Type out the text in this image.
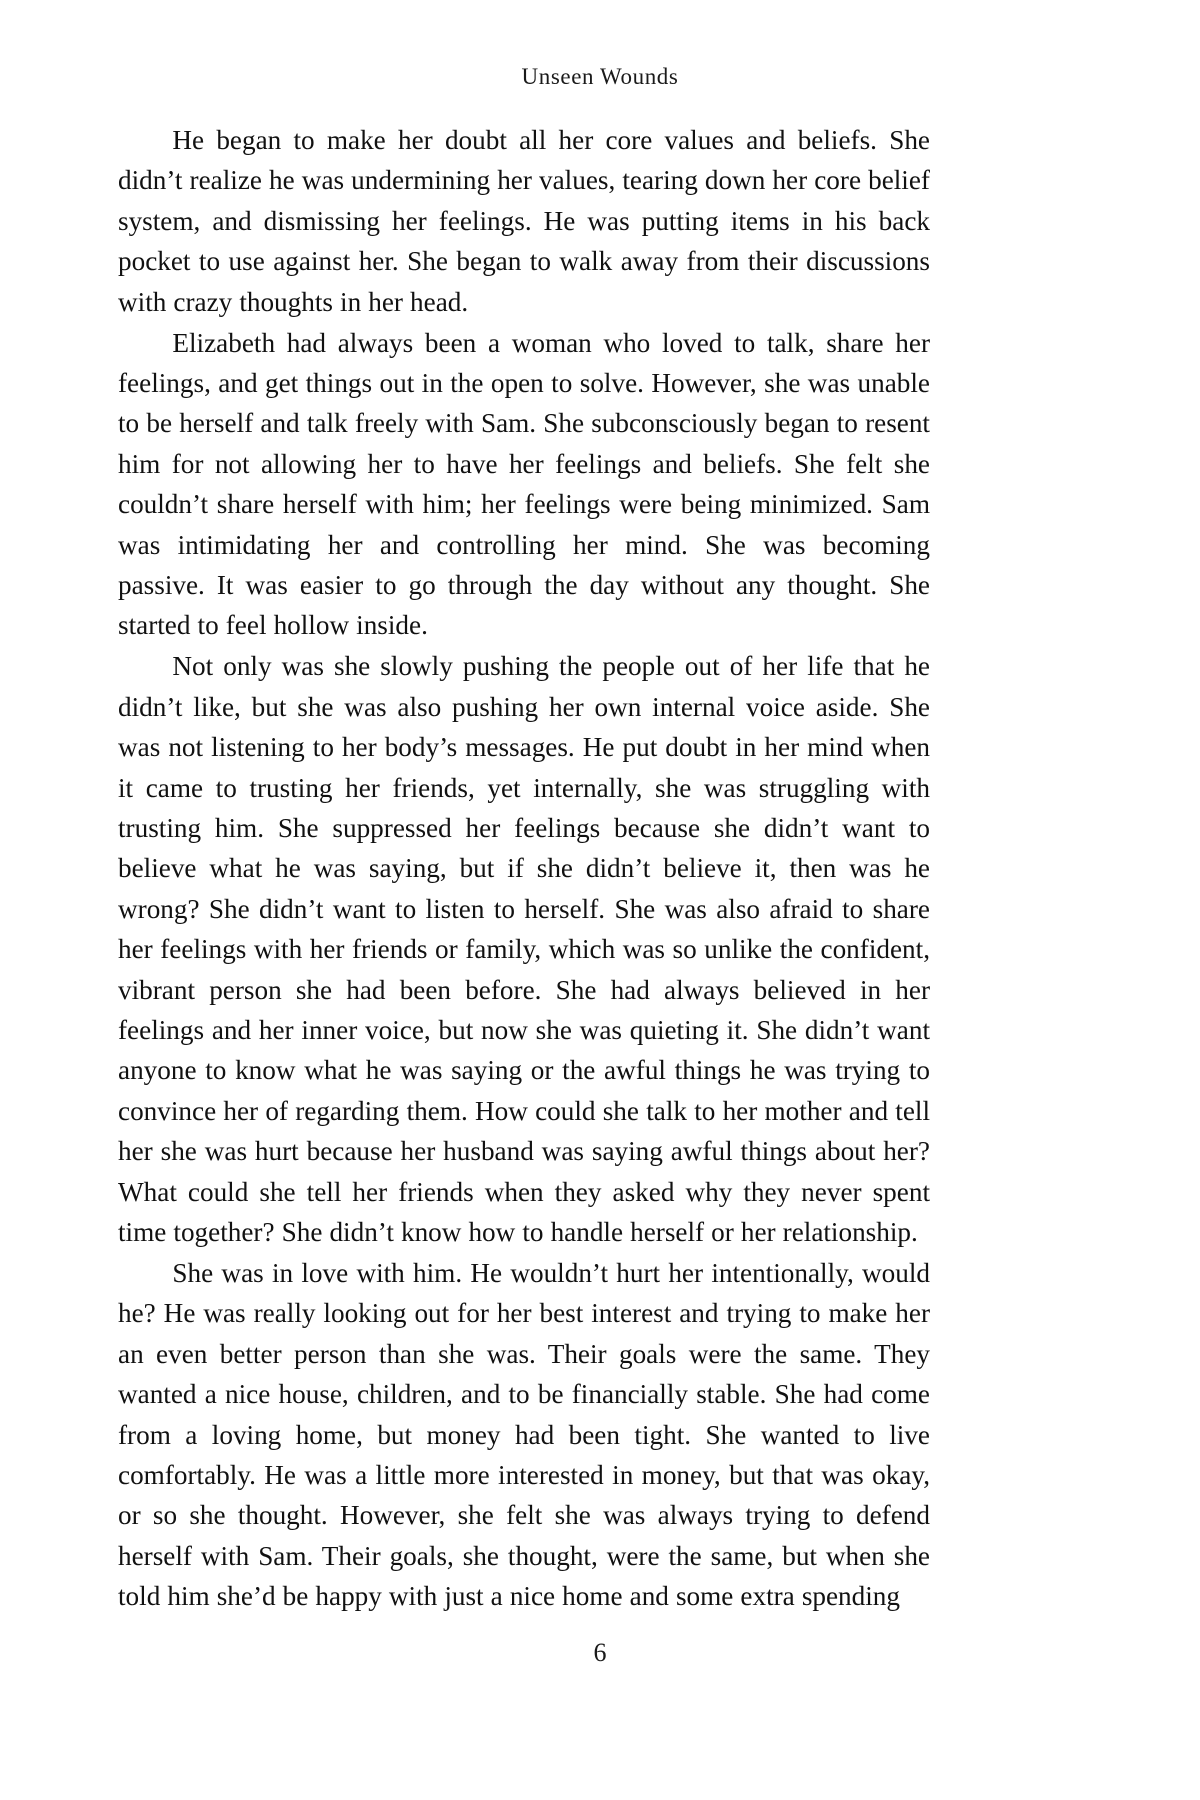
Unseen Wounds

He began to make her doubt all her core values and beliefs. She didn’t realize he was undermining her values, tearing down her core belief system, and dismissing her feelings. He was putting items in his back pocket to use against her. She began to walk away from their discussions with crazy thoughts in her head.

Elizabeth had always been a woman who loved to talk, share her feelings, and get things out in the open to solve. However, she was unable to be herself and talk freely with Sam. She subconsciously began to resent him for not allowing her to have her feelings and beliefs. She felt she couldn’t share herself with him; her feelings were being minimized. Sam was intimidating her and controlling her mind. She was becoming passive. It was easier to go through the day without any thought. She started to feel hollow inside.

Not only was she slowly pushing the people out of her life that he didn’t like, but she was also pushing her own internal voice aside. She was not listening to her body’s messages. He put doubt in her mind when it came to trusting her friends, yet internally, she was struggling with trusting him. She suppressed her feelings because she didn’t want to believe what he was saying, but if she didn’t believe it, then was he wrong? She didn’t want to listen to herself. She was also afraid to share her feelings with her friends or family, which was so unlike the confident, vibrant person she had been before. She had always believed in her feelings and her inner voice, but now she was quieting it. She didn’t want anyone to know what he was saying or the awful things he was trying to convince her of regarding them. How could she talk to her mother and tell her she was hurt because her husband was saying awful things about her? What could she tell her friends when they asked why they never spent time together? She didn’t know how to handle herself or her relationship.

She was in love with him. He wouldn’t hurt her intentionally, would he? He was really looking out for her best interest and trying to make her an even better person than she was. Their goals were the same. They wanted a nice house, children, and to be financially stable. She had come from a loving home, but money had been tight. She wanted to live comfortably. He was a little more interested in money, but that was okay, or so she thought. However, she felt she was always trying to defend herself with Sam. Their goals, she thought, were the same, but when she told him she’d be happy with just a nice home and some extra spending

6
